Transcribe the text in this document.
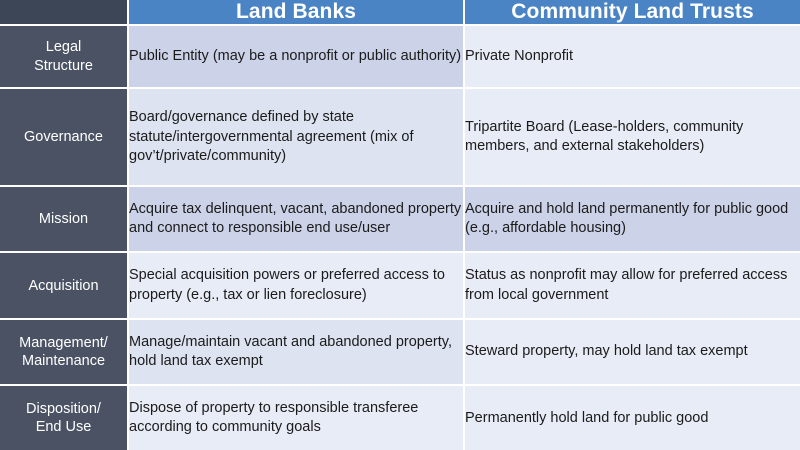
	Land Banks	Community Land Trusts
Legal
Structure	Public Entity (may be a nonprofit or public authority)	Private Nonprofit
Governance	Board/governance defined by state statute/intergovernmental agreement (mix of gov’t/private/community)	Tripartite Board (Lease-holders, community members, and external stakeholders)
Mission	Acquire tax delinquent, vacant, abandoned property and connect to responsible end use/user	Acquire and hold land permanently for public good (e.g., affordable housing)
Acquisition	Special acquisition powers or preferred access to property (e.g., tax or lien foreclosure)	Status as nonprofit may allow for preferred access from local government
Management/
Maintenance	Manage/maintain vacant and abandoned property, hold land tax exempt	Steward property, may hold land tax exempt
Disposition/
End Use	Dispose of property to responsible transferee according to community goals	Permanently hold land for public good
